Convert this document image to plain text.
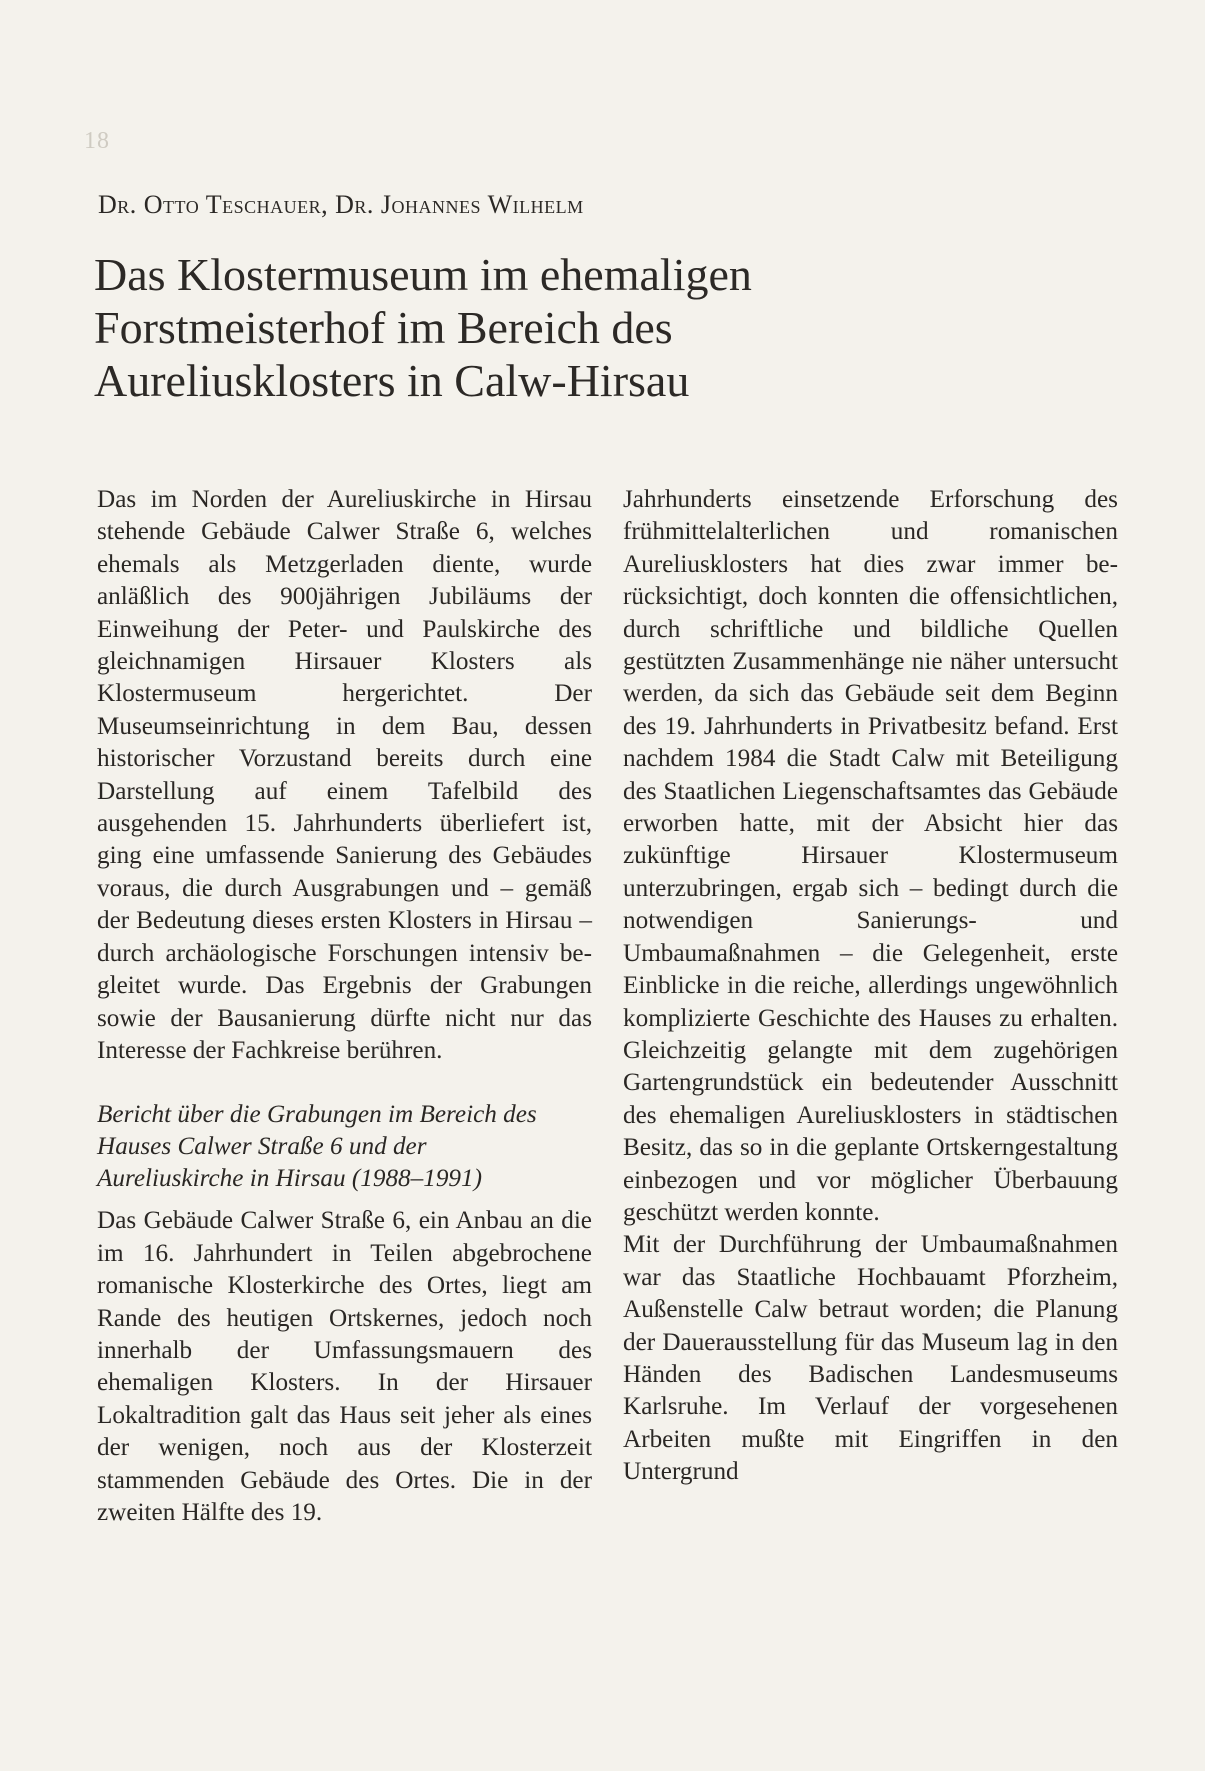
18
Dr. Otto Teschauer, Dr. Johannes Wilhelm
Das Klostermuseum im ehemaligen
Forstmeisterhof im Bereich des
Aureliusklosters in Calw-Hirsau

Das im Norden der Aureliuskirche in Hirsau stehende Gebäude Calwer Straße 6, welches ehemals als Metzgerladen diente, wurde anläßlich des 900jährigen Jubiläums der Einweihung der Peter- und Paulskirche des gleichnamigen Hirsauer Klosters als Klostermuseum hergerichtet. Der Museumseinrichtung in dem Bau, dessen historischer Vorzustand bereits durch eine Darstellung auf einem Tafelbild des ausgehenden 15. Jahrhunderts überliefert ist, ging eine umfassende Sanierung des Gebäudes voraus, die durch Ausgrabungen und – gemäß der Bedeutung dieses ersten Klosters in Hirsau – durch archäologische Forschungen intensiv begleitet wurde. Das Ergebnis der Grabungen sowie der Bausanierung dürfte nicht nur das Interesse der Fachkreise berühren.

Bericht über die Grabungen im Bereich des
Hauses Calwer Straße 6 und der
Aureliuskirche in Hirsau (1988–1991)

Das Gebäude Calwer Straße 6, ein Anbau an die im 16. Jahrhundert in Teilen abgebrochene romanische Klosterkirche des Ortes, liegt am Rande des heutigen Ortskernes, jedoch noch innerhalb der Umfassungsmauern des ehemaligen Klosters. In der Hirsauer Lokaltradition galt das Haus seit jeher als eines der wenigen, noch aus der Klosterzeit stammenden Gebäude des Ortes. Die in der zweiten Hälfte des 19.

Jahrhunderts einsetzende Erforschung des frühmittelalterlichen und romanischen Aureliusklosters hat dies zwar immer berücksichtigt, doch konnten die offensichtlichen, durch schriftliche und bildliche Quellen gestützten Zusammenhänge nie näher untersucht werden, da sich das Gebäude seit dem Beginn des 19. Jahrhunderts in Privatbesitz befand. Erst nachdem 1984 die Stadt Calw mit Beteiligung des Staatlichen Liegenschaftsamtes das Gebäude erworben hatte, mit der Absicht hier das zukünftige Hirsauer Klostermuseum unterzubringen, ergab sich – bedingt durch die notwendigen Sanierungs- und Umbaumaßnahmen – die Gelegenheit, erste Einblicke in die reiche, allerdings ungewöhnlich komplizierte Geschichte des Hauses zu erhalten. Gleichzeitig gelangte mit dem zugehörigen Gartengrundstück ein bedeutender Ausschnitt des ehemaligen Aureliusklosters in städtischen Besitz, das so in die geplante Ortskerngestaltung einbezogen und vor möglicher Überbauung geschützt werden konnte.

Mit der Durchführung der Umbaumaßnahmen war das Staatliche Hochbauamt Pforzheim, Außenstelle Calw betraut worden; die Planung der Dauerausstellung für das Museum lag in den Händen des Badischen Landesmuseums Karlsruhe. Im Verlauf der vorgesehenen Arbeiten mußte mit Eingriffen in den Untergrund
